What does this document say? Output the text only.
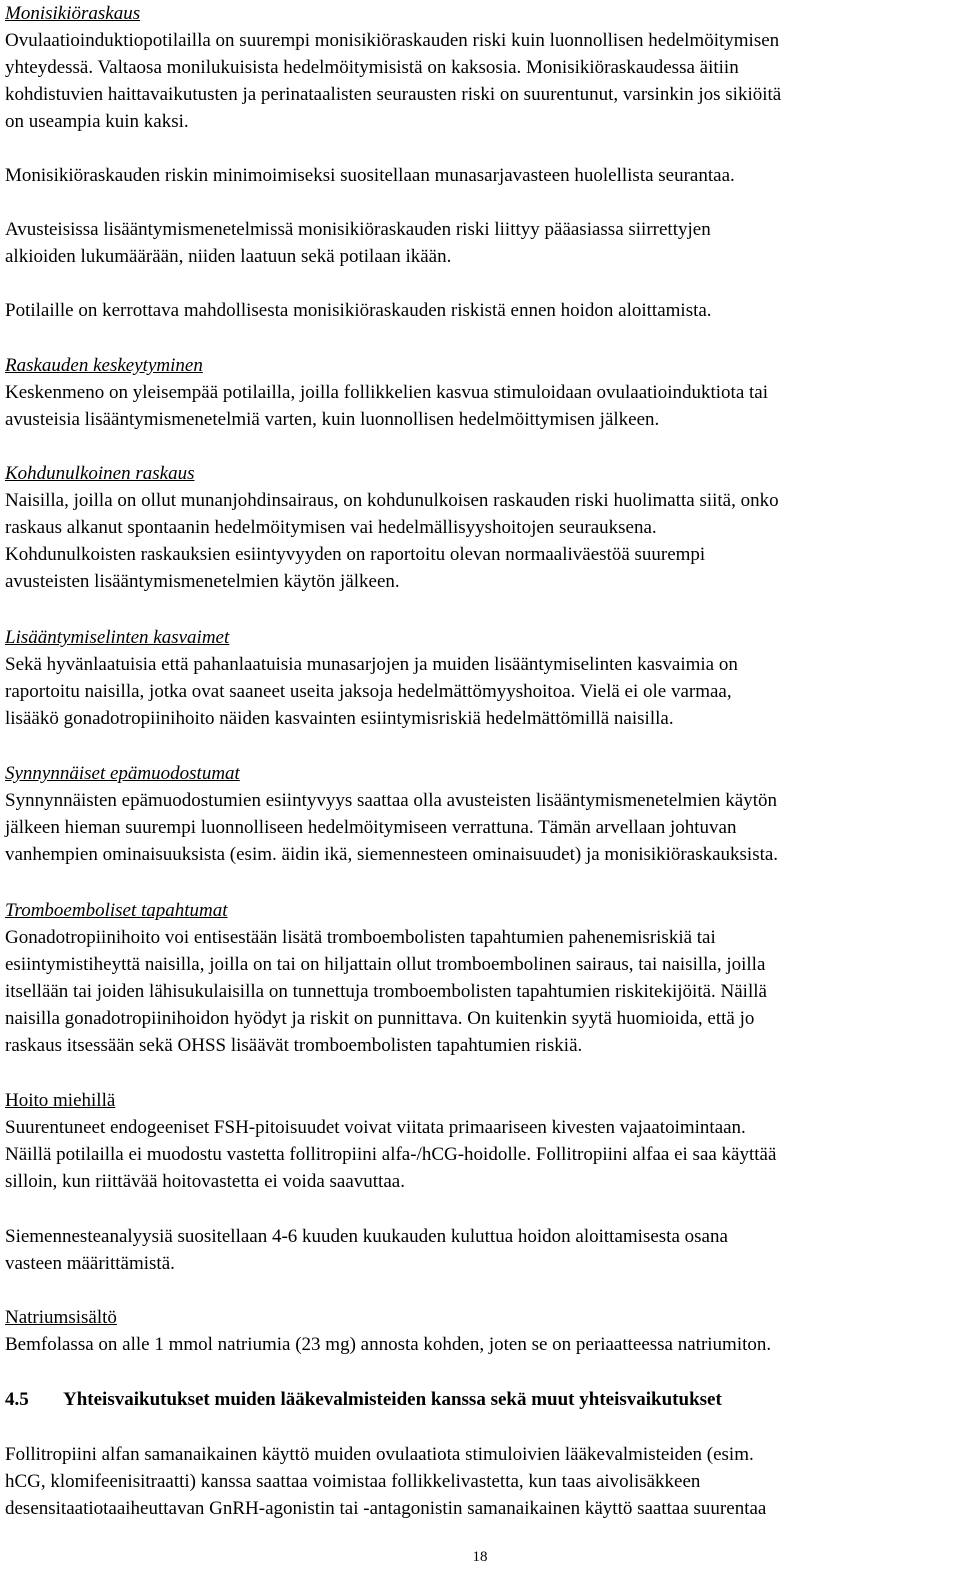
Monisikiöraskaus

Ovulaatioinduktiopotilailla on suurempi monisikiöraskauden riski kuin luonnollisen hedelmöitymisen

yhteydessä. Valtaosa monilukuisista hedelmöitymisistä on kaksosia. Monisikiöraskaudessa äitiin

kohdistuvien haittavaikutusten ja perinataalisten seurausten riski on suurentunut, varsinkin jos sikiöitä

on useampia kuin kaksi.

Monisikiöraskauden riskin minimoimiseksi suositellaan munasarjavasteen huolellista seurantaa.

Avusteisissa lisääntymismenetelmissä monisikiöraskauden riski liittyy pääasiassa siirrettyjen

alkioiden lukumäärään, niiden laatuun sekä potilaan ikään.

Potilaille on kerrottava mahdollisesta monisikiöraskauden riskistä ennen hoidon aloittamista.

Raskauden keskeytyminen

Keskenmeno on yleisempää potilailla, joilla follikkelien kasvua stimuloidaan ovulaatioinduktiota tai

avusteisia lisääntymismenetelmiä varten, kuin luonnollisen hedelmöittymisen jälkeen.

Kohdunulkoinen raskaus

Naisilla, joilla on ollut munanjohdinsairaus, on kohdunulkoisen raskauden riski huolimatta siitä, onko

raskaus alkanut spontaanin hedelmöitymisen vai hedelmällisyyshoitojen seurauksena.

Kohdunulkoisten raskauksien esiintyvyyden on raportoitu olevan normaaliväestöä suurempi

avusteisten lisääntymismenetelmien käytön jälkeen.

Lisääntymiselinten kasvaimet

Sekä hyvänlaatuisia että pahanlaatuisia munasarjojen ja muiden lisääntymiselinten kasvaimia on

raportoitu naisilla, jotka ovat saaneet useita jaksoja hedelmättömyyshoitoa. Vielä ei ole varmaa,

lisääkö gonadotropiinihoito näiden kasvainten esiintymisriskiä hedelmättömillä naisilla.

Synnynnäiset epämuodostumat

Synnynnäisten epämuodostumien esiintyvyys saattaa olla avusteisten lisääntymismenetelmien käytön

jälkeen hieman suurempi luonnolliseen hedelmöitymiseen verrattuna. Tämän arvellaan johtuvan

vanhempien ominaisuuksista (esim. äidin ikä, siemennesteen ominaisuudet) ja monisikiöraskauksista.

Tromboemboliset tapahtumat

Gonadotropiinihoito voi entisestään lisätä tromboembolisten tapahtumien pahenemisriskiä tai

esiintymistiheyttä naisilla, joilla on tai on hiljattain ollut tromboembolinen sairaus, tai naisilla, joilla

itsellään tai joiden lähisukulaisilla on tunnettuja tromboembolisten tapahtumien riskitekijöitä. Näillä

naisilla gonadotropiinihoidon hyödyt ja riskit on punnittava. On kuitenkin syytä huomioida, että jo

raskaus itsessään sekä OHSS lisäävät tromboembolisten tapahtumien riskiä.

Hoito miehillä

Suurentuneet endogeeniset FSH-pitoisuudet voivat viitata primaariseen kivesten vajaatoimintaan.

Näillä potilailla ei muodostu vastetta follitropiini alfa-/hCG-hoidolle. Follitropiini alfaa ei saa käyttää

silloin, kun riittävää hoitovastetta ei voida saavuttaa.

Siemennesteanalyysiä suositellaan 4-6 kuuden kuukauden kuluttua hoidon aloittamisesta osana

vasteen määrittämistä.

Natriumsisältö

Bemfolassa on alle 1 mmol natriumia (23 mg) annosta kohden, joten se on periaatteessa natriumiton.

4.5 Yhteisvaikutukset muiden lääkevalmisteiden kanssa sekä muut yhteisvaikutukset

Follitropiini alfan samanaikainen käyttö muiden ovulaatiota stimuloivien lääkevalmisteiden (esim.

hCG, klomifeenisitraatti) kanssa saattaa voimistaa follikkelivastetta, kun taas aivolisäkkeen

desensitaatiotaaiheuttavan GnRH-agonistin tai -antagonistin samanaikainen käyttö saattaa suurentaa

18
